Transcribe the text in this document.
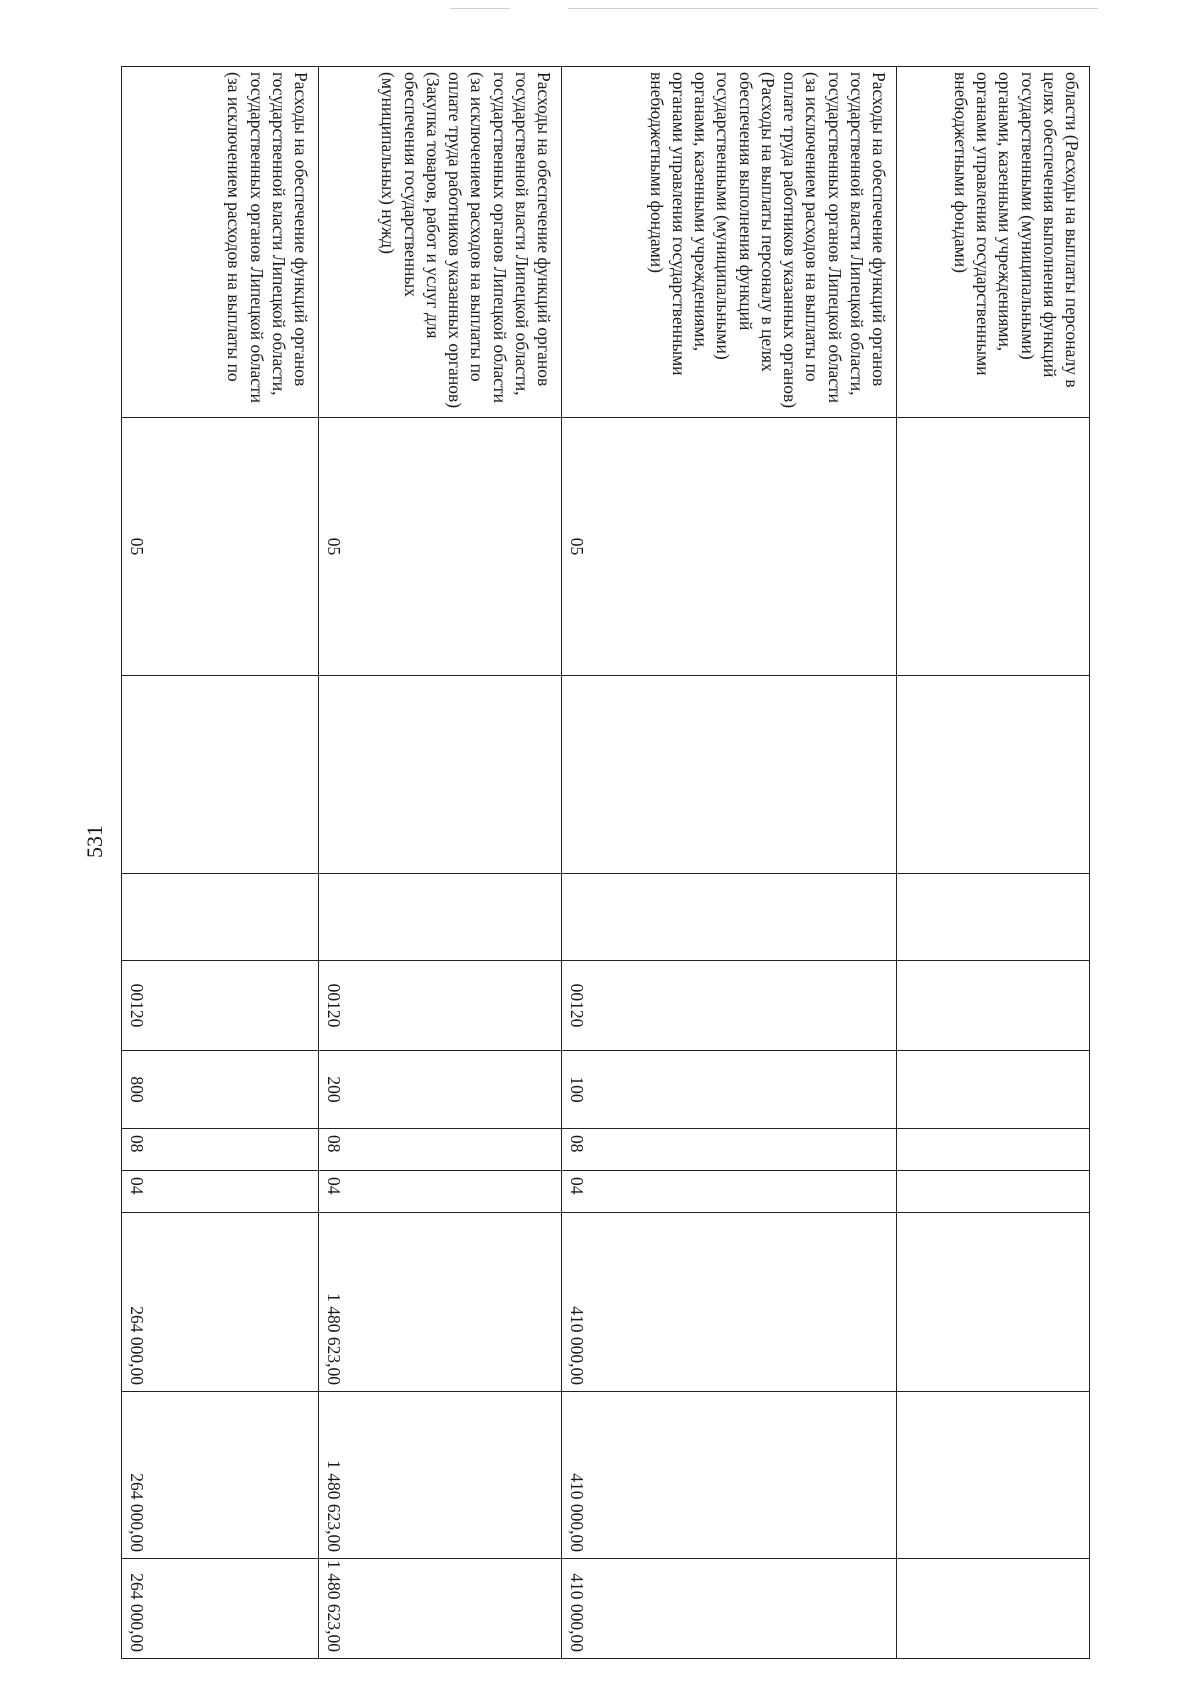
531
области (Расходы на выплаты персоналу в целях обеспечения выполнения функций государственными (муниципальными) органами, казенными учреждениями, органами управления государственными внебюджетными фондами)										
Расходы на обеспечение функций органов государственной власти Липецкой области, государственных органов Липецкой области (за исключением расходов на выплаты по оплате труда работников указанных органов) (Расходы на выплаты персоналу в целях обеспечения выполнения функций государственными (муниципальными) органами, казенными учреждениями, органами управления государственными внебюджетными фондами)	05			00120	100	08	04	410 000,00	410 000,00	410 000,00
Расходы на обеспечение функций органов государственной власти Липецкой области, государственных органов Липецкой области (за исключением расходов на выплаты по оплате труда работников указанных органов) (Закупка товаров, работ и услуг для обеспечения государственных (муниципальных) нужд)	05			00120	200	08	04	1 480 623,00	1 480 623,00	1 480 623,00
Расходы на обеспечение функций органов государственной власти Липецкой области, государственных органов Липецкой области (за исключением расходов на выплаты по	05			00120	800	08	04	264 000,00	264 000,00	264 000,00
